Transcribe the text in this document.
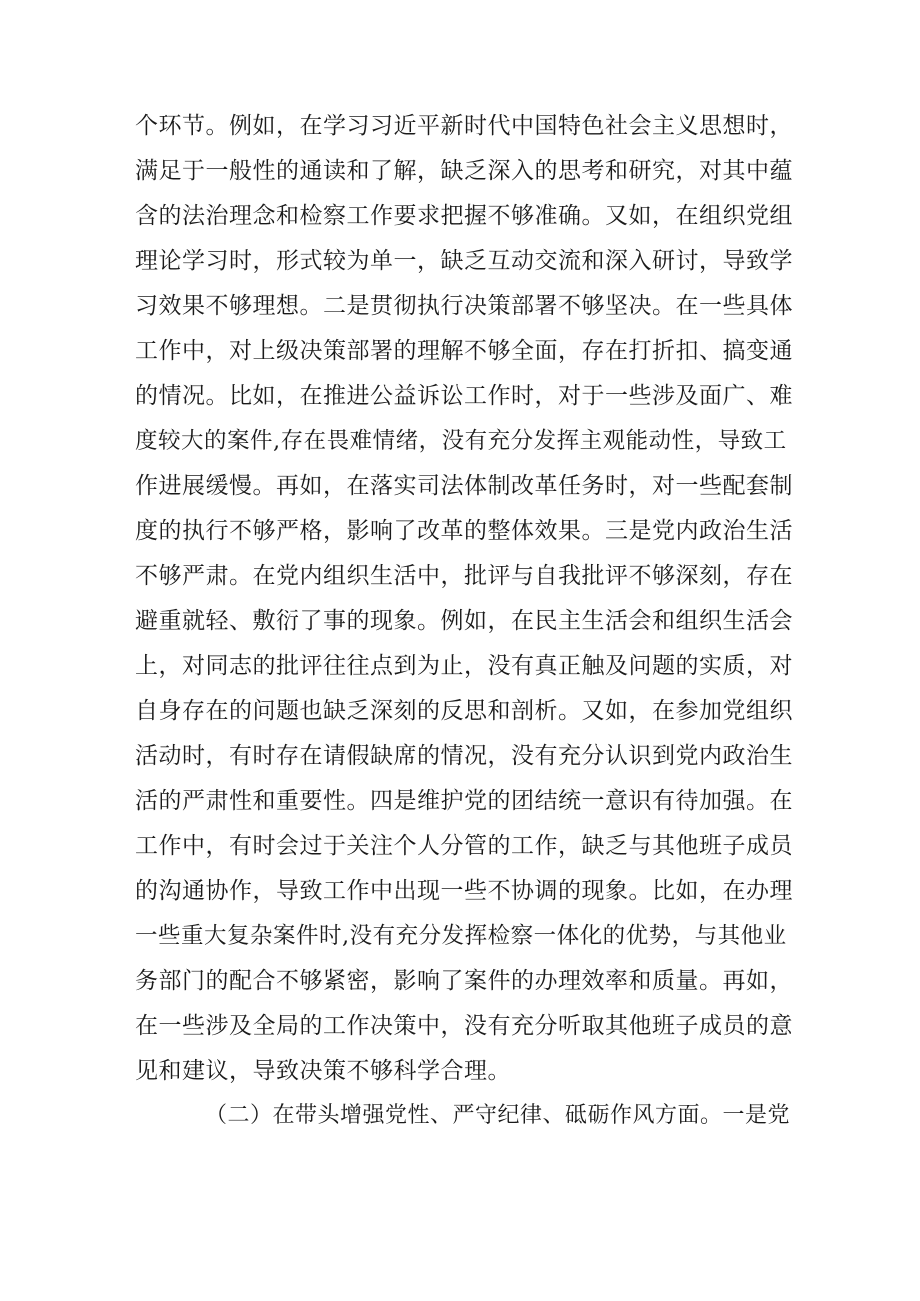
个环节。例如，在学习习近平新时代中国特色社会主义思想时，
满足于一般性的通读和了解，缺乏深入的思考和研究，对其中蕴
含的法治理念和检察工作要求把握不够准确。又如，在组织党组
理论学习时，形式较为单一，缺乏互动交流和深入研讨，导致学
习效果不够理想。二是贯彻执行决策部署不够坚决。在一些具体
工作中，对上级决策部署的理解不够全面，存在打折扣、搞变通
的情况。比如，在推进公益诉讼工作时，对于一些涉及面广、难
度较大的案件,存在畏难情绪，没有充分发挥主观能动性，导致工
作进展缓慢。再如，在落实司法体制改革任务时，对一些配套制
度的执行不够严格，影响了改革的整体效果。三是党内政治生活
不够严肃。在党内组织生活中，批评与自我批评不够深刻，存在
避重就轻、敷衍了事的现象。例如，在民主生活会和组织生活会
上，对同志的批评往往点到为止，没有真正触及问题的实质，对
自身存在的问题也缺乏深刻的反思和剖析。又如，在参加党组织
活动时，有时存在请假缺席的情况，没有充分认识到党内政治生
活的严肃性和重要性。四是维护党的团结统一意识有待加强。在
工作中，有时会过于关注个人分管的工作，缺乏与其他班子成员
的沟通协作，导致工作中出现一些不协调的现象。比如，在办理
一些重大复杂案件时,没有充分发挥检察一体化的优势，与其他业
务部门的配合不够紧密，影响了案件的办理效率和质量。再如，
在一些涉及全局的工作决策中，没有充分听取其他班子成员的意
见和建议，导致决策不够科学合理。
（二）在带头增强党性、严守纪律、砥砺作风方面。一是党
